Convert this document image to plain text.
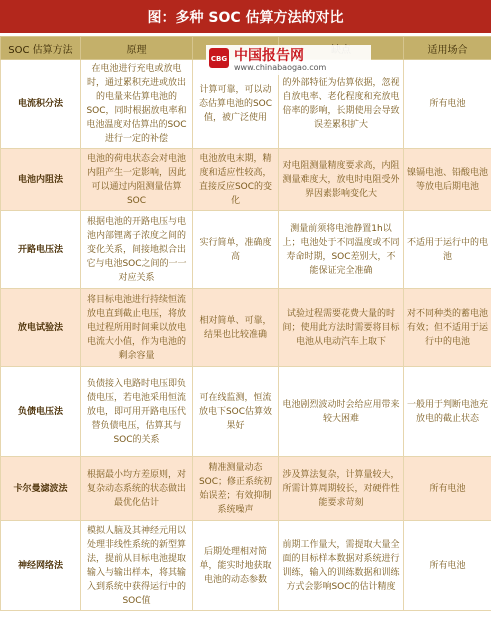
图：多种 SOC 估算方法的对比
SOC 估算方法	原理			适用场合
电流积分法	在电池进行充电或放电时，通过累积充进或放出的电量来估算电池的SOC，同时根据放电率和电池温度对估算出的SOC进行一定的补偿	计算可靠，可以动态估算电池的SOC值，被广泛使用	的外部特征为估算依据，忽视自放电率、老化程度和充放电倍率的影响，长期使用会导致误差累积扩大	所有电池
电池内阻法	电池的荷电状态会对电池内阻产生一定影响，因此可以通过内阻测量估算SOC	电池放电末期，精度和适应性较高，直接反应SOC的变化	对电阻测量精度要求高，内阻测量难度大，放电时电阻受外界因素影响变化大	镍镉电池、铅酸电池等放电后期电池
开路电压法	根据电池的开路电压与电池内部锂离子浓度之间的变化关系，间接地拟合出它与电池SOC之间的一一对应关系	实行简单，准确度高	测量前须将电池静置1h以上；电池处于不同温度或不同寿命时期，SOC差别大，不能保证完全准确	不适用于运行中的电池
放电试验法	将目标电池进行持续恒流放电直到截止电压，将放电过程所用时间乘以放电电流大小值，作为电池的剩余容量	相对简单、可靠，结果也比较准确	试验过程需要花费大量的时间；使用此方法时需要将目标电池从电动汽车上取下	对不同种类的蓄电池有效；但不适用于运行中的电池
负债电压法	负债接入电路时电压即负债电压，若电池采用恒流放电，即可用开路电压代替负债电压，估算其与SOC的关系	可在线监测，恒流放电下SOC估算效果好	电池剧烈波动时会给应用带来较大困难	一般用于判断电池充放电的截止状态
卡尔曼滤波法	根据最小均方差原则，对复杂动态系统的状态做出最优化估计	精准测量动态SOC；修正系统初始误差；有效抑制系统噪声	涉及算法复杂，计算量较大，所需计算周期较长，对硬件性能要求苛刻	所有电池
神经网络法	模拟人脑及其神经元用以处理非线性系统的新型算法，提前从目标电池提取输入与输出样本，将其输入到系统中获得运行中的SOC值	后期处理相对简单，能实时地获取电池的动态参数	前期工作量大，需提取大量全面的目标样本数据对系统进行训练，输入的训练数据和训练方式会影响SOC的估计精度	所有电池
CBG 中国报告网
www.chinabaogao.com
